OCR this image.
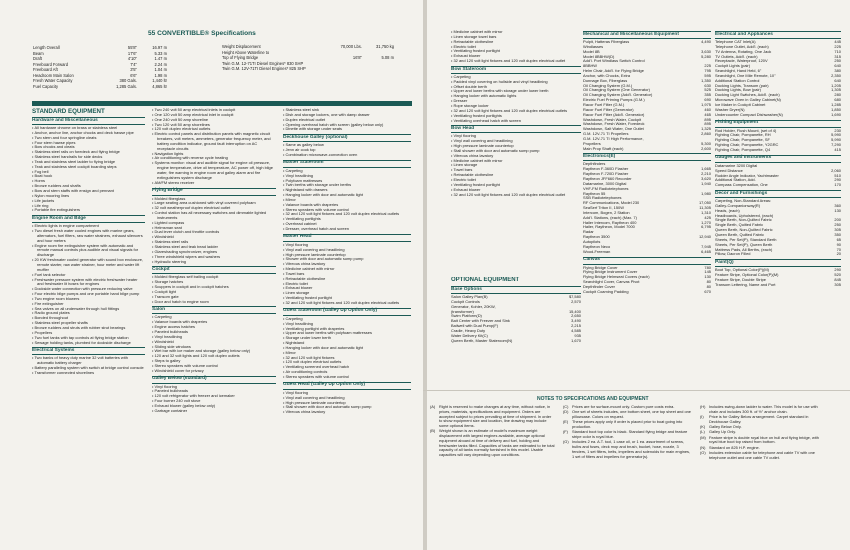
55 CONVERTIBLE® Specifications
Length Overall	55'8"	16.97 m
Beam	17'6"	5.33 m
Draft	4'10"	1.47 m
Freeboard Forward	7'4"	2.24 m
Freeboard Aft	3'5"	1.04 m
Headroom Main Salon	6'6"	1.98 m
Fresh Water Capacity	380 Gals.	1,440 ltr
Fuel Capacity	1,285 Gals.	4,865 ltr
Weight Displacement	70,000 Lbs.	31,750 kg
Height Above Waterline to
Top of Flying Bridge	16'8"	5.08 m
Twin G.M. 12-71TI Diesel Engines* 830 SHP
Twin G.M. 12V-71TI Diesel Engines* 825 SHP
STANDARD EQUIPMENT
Hardware and Miscellaneous
• All hardware chrome on brass or stainless steel
• Anchor, anchor line, anchor chocks and deck hawse pipe
• Two stern and four springline cleats
• Four stern hawse pipes
• Bow chocks and cleats
• Stainless steel rails on foredeck and flying bridge
• Stainless steel handrails for side decks
• Teak and stainless steel ladder to flying bridge
• Teak and stainless steel cockpit boarding steps
• Fog bell
• Boat hook
• Horns
• Bronze rudders and shafts
• Bow and stern staffs with ensign and pennant
• Nylon mooring lines
• Life jackets
• Life ring
• Portable fire extinguishers
Engine Room and Bilge
• Electric lights in engine compartment
• Two diesel fresh water cooled engines with marine gears, alternators, fuel filters, raw water strainers, exhaust silencers and hour meters
• Engine room fire extinguisher system with automatic and remote manual controls plus audible and visual signals for discharge
• 20 KW freshwater cooled generator with sound box enclosure, remote starter, raw water strainer, hour meter and water lift muffler
• Fuel tank selector
• Freshwater pressure system with electric freshwater heater and freshwater lit hoses for engines
• Dockside water connection with pressure reducing valve
• Four electric bilge pumps and one portable hand bilge pump
• Two engine room blowers
• Fire extinguisher
• Sea valves on all underwater through hull fittings
• Radio ground plates
• Bonded throughout
• Stainless steel propeller shafts
• Bronze rudders and struts with rubber strut bearings
• Propellers
• Two fuel tanks with tap controls at flying bridge station
• Sewage holding tanks, plumbed for dockside discharge
Electrical Systems
• Two banks of heavy duty marine 32 volt batteries with automatic battery charger
• Battery paralleling system with switch at bridge control console
• Transformer connected shorelines
• Two 240 volt 50 amp electrical inlets in cockpit
• One 120 volt 50 amp electrical inlet in cockpit
• One 240 volt 50 amp shoreline
• Two 120 volt 50 amp shorelines
• 120 volt duplex electrical outlets
• Electric control panels and distribution panels with magnetic circuit breakers, volt meters, ammeters, generator frequency meter, and battery condition indicator, ground fault interruption on AC receptacle circuits
• Navigation lights
• Air conditioning with reverse cycle heating
• Systems monitor: visual and audible signal for engine oil pressure, engine temperature, drive oil temperature, AC power off, high bilge water, fire warning in engine room and galley alarm and fire extinguishers system discharge
• AM/FM stereo receiver
Flying Bridge
• Molded fiberglass
• Large seating area cushioned with vinyl covered polyfoam
• 32 volt weatherproof duplex electrical outlet
• Control station has all necessary switches and dimmable lighted instruments
• Lighted compass
• Helmsman seat
• Dual lever clutch and throttle controls
• Windshield
• Stainless steel rails
• Stainless steel and teak bead ladder
• Glareshading synchronizer, engines
• Three windshield wipers and washers
• Hydraulic steering
Cockpit
• Molded fiberglass self bailing cockpit
• Storage hatches
• Scuppers in cockpit and in cockpit hatches
• Cockpit light
• Transom gate
• Door and hatch to engine room
Salon
• Carpeting
• Valance boards with draperies
• Engine access hatches
• Paneled bulkheads
• Vinyl headlining
• Windshield
• Sliding side windows
• Wet bar with ice maker and storage (galley below only)
• 120 and 32 volt lights and 120 volt duplex outlets
• Steps to galley
• Stereo speakers with volume control
• Windshield cover for privacy
Galley Below (standard)
• Vinyl flooring
• Paneled bulkheads
• 120 volt refrigerator with freezer and icemaker
• Four burner 240 volt stove
• Exhaust blower (galley below only)
• Garbage container
• Stainless steel sink
• Dish and storage lockers, one with damp drawer
• Duplex electrical outlet
• Opening overhead hatch with screen (galley below only)
• Dinette with storage under seats
Deckhouse Galley (optional)
• Same as galley below
• Jenn air cook top
• Combination microwave-convection oven
Master Stateroom
• Carpeting
• Vinyl headlining
• Polyfoam mattresses
• Twin berths with storage under berths
• Nightstand with drawers
• Hanging locker with door and automatic light
• Mirror
• Valance boards with draperies
• Stereo speakers with volume control
• 32 and 120 volt light fixtures and 120 volt duplex electrical outlets
• Ventilating portlights
• Overhead cabinet
• Dresser, overhead hatch and screen
Master Head
• Vinyl flooring
• Vinyl wall covering and headlining
• High pressure laminate countertop
• Shower with door and automatic sump pump
• Vitreous china lavatory
• Medicine cabinet with mirror
• Towel bars
• Retractable clothesline
• Electric toilet
• Exhaust blower
• Linen storage
• Ventilating frosted portlight
• 32 and 120 volt light fixtures and 120 volt duplex electrical outlets
Guest Stateroom (Galley Up Option Only)
• Carpeting
• Vinyl headlining
• Ventilating portlight with draperies
• Upper and lower berths with polyfoam mattresses
• Storage under lower berth
• Nightstand
• Hanging locker with door and automatic light
• Mirror
• 32 and 120 volt light fixtures
• 120 volt duplex electrical outlets
• Ventilating screened overhead hatch
• Air conditioning controls
• Stereo speakers with volume control
Guest Head (Galley Up Option Only)
• Vinyl flooring
• Vinyl wall covering and headlining
• High pressure laminate countertop
• Stall shower with door and automatic sump pump
• Vitreous china lavatory
• Medicine cabinet with mirror
• Linen storage towel bars
• Retractable clothesline
• Electric toilet
• Ventilating frosted portlight
• Exhaust blower
• 32 and 120 volt light fixtures and 120 volt duplex electrical outlet
Bow Stateroom
• Carpeting
• Padded vinyl covering on hullside and vinyl headlining
• Offset double berth
• Upper and lower berths with storage under lower berth
• Hanging locker with automatic lights
• Dresser
• Rope storage locker
• 32 and 120 volt light fixtures and 120 volt duplex electrical outlets
• Ventilating frosted portlights
• Ventilating overhead hatch with screen
Bow Head
• Vinyl flooring
• Vinyl wall covering and headlining
• High pressure laminate countertop
• Stall shower with door and automatic sump pump
• Vitreous china lavatory
• Medicine cabinet with mirror
• Linen storage
• Towel bars
• Retractable clothesline
• Electric toilet
• Ventilating frosted portlight
• Exhaust blower
• 32 and 120 volt light fixtures and 120 volt duplex electrical outlet
OPTIONAL EQUIPMENT
Base Options
Salon Galley Plan(B)	$7,580
Cockpit Controls	2,570
Generator, Kohler, 20KW,
(transformer)	15,400
Swim Platform(D)	2,650
Bait Center with Freezer and Sink	3,490
Bailwell with Dual Pump(F)	2,215
Cradle, Heavy Duty	4,585
Water Delivery Kit(C)	935
Queen Berth, Master Stateroom(N)	1,670
Mechanical and Miscellaneous Equipment
Pulpit, Hatteras Fiberglass	4,490
Windlasses
Model 8B	3,630
Model 8BBHW(D)	5,280
Add'l. Port Windlass Switch Control
8BBHW	225
Helm Chair, Add'l. for Flying Bridge	795
Anchor, with Chocks, Extra	595
Dunnage Box, Fiberglass	1,350
Oil Changing System (G.M.)	630
Oil Changing System (One Generator)	525
Oil Changing System (Add'l. Generator)	355
Electric Fuel Priming Pumps (G.M.)	690
Racor Fuel Filter (G.M.)	1,975
Racor Fuel Filter (Generator)	460
Racor Fuel Filter (Add'l. Generator)	465
Washdown, Fresh Water, Cockpit	895
Washdown, Fresh Water, Foredeck	895
Washdown, Salt Water, One Outlet	1,325
G.M. 12V-71 TI Propellers	2,860
G.M. 12V-71 TI High Performance,
Propellers	5,300
Main Prop Shaft (each)	2,600
Electronics(E)
Depthfinders
Raytheon F-360D Flasher	1,665
Raytheon F-720D Flasher	2,210
Raytheon JFF660 Recorder	3,620
Datamarine, 3000 Digital	1,940
VHF-FM Radiotelephones
Raytheon 55	1,980
SSB Radiotelephones
RF Communications, Model 230	17,050
SeaSerf Triton II, 150W	11,305
Intercom, Bogen, 2 Station	1,310
Add'l. Stations, (each) (Max. 7)	425
Hailer Intercom, Raytheon 400	1,270
Hailer, Raytheon, Model 7000	6,795
Radar
Raytheon 3500	12,940
Autopilots
Raytheon Neco	7,945
Wood-Freeman	6,465
Canvas
Flying Bridge Cover	780
Flying Bridge Instrument Cover	145
Flying Bridge Helmseat Covers (each)	130
Searchlight Cover, Canvas Pivot	80
Depthfinder Cover	80
Cockpit Coaming Padding	670
Electrical and Appliances
Telephone CAT Inlet(A)	445
Telephone Outlet, Add'l. (each)	225
TV Antenna, Rotating, One Jack	710
TV Outlets, Add'l. (each)	315
Receptacle, Waterproof, 120V	250
Cockpit Lights (pair)	640
Searchlight, Hand Held, 6"	380
Searchlight, One Mile Remote, 10"	2,350
Additional Station Control	640
Docking Lights, Transom (pair)	1,205
Docking Lights, Bow (pair)	1,305
Docking Light Switches, Add'l. (each)	280
Microwave Oven in Galley Cabinet(N)	680
Ice Maker in Cockpit Cabinet	1,285
Washer Dryer(N)	1,850
Undercounter Compact Dishwasher(N)	1,690
Fishing Equipment
Rod Holder, Flush Mount, (set of 4)	230
Fighting Chair, Pompanette, RH	5,990
Fighting Chair, Pompanette, SF	5,990
Fighting Chair, Pompanette, Y2GRC	7,290
Fighting Chair, Pompanette, Q4	415
Gauges and Instruments
Datamarine 3200 Digital
Speed Distance	2,060
Rudder Angle Indicator, Yachtmaster	510
Additional Station, Add.	290
Compass Compensation, One	170
Decor and Furnishings
Carpeting, Non-Standard Areas:
Galley-Companionway(R)	360
Heads, (each)	130
Headboards, Upholstered, (each)
Single Berth, Non-Quilted Fabric	200
Single Berth, Quilted Fabric	250
Queen Berth, Non-Quilted Fabric	305
Queen Berth, Quilted Fabric	350
Sheets, Per Set(P), Standard Berth	65
Sheets, Per Set(P), Queen Berth	90
Mattress Pads, All Berths, (each)	70
Pillow, Dacron Filled	20
Paint(Q)
Boot Top, Optional Color(P)(M)	290
Feature Stripe, Optional Color(P)(M)	520
Feature Stripe, Double Stripe	845
Transom Lettering, Name and Port	305
NOTES TO SPECIFICATIONS AND EQUIPMENT
(A) Right is reserved to make changes at any time, without notice, in prices, materials, specifications and equipment. Orders are accepted subject to prices prevailing at time of shipment. In order to show equipment size and location, line drawing may include some optional items.
(B) Weight shown is an estimate of model's maximum weight displacement with largest engines available, average optional equipment aboard at time of delivery and fuel, holding and freshwater tanks filled. Capacities of tanks are estimated to be total capacity of all tanks normally furnished in this model. Usable capacities will vary depending upon conditions.
(C) Prices are for surface-mount only. Custom pure costs extra.
(D) One set of sheets includes, one bottom sheet, one top sheet and one pillowcase. Colors on request.
(E) These prices apply only if order is placed prior to boat going into production.
(F)	Standard boot top color is black. Standard flying bridge and feature stripe color is royal blue.
(G) Includes 2 ea. A.T. tool, 1 case oil, or 1 ea. assortment of screws, bulbs and fuses, deck mop and brush, bucket, hose, nozzle, 3 fenders, 1 set filters, belts, impellers and solenoids for main engines, 1 set of filters and impellers for generator(s).
(H) Includes swing-down ladder to water. This model is for use with chain and includes 300 ft. of ½" anchor chain.
(I)	Price is for Galley Below arrangement. Carpet standard in Deckhouse Galley.
(K) Galley Below Only.
(L)	Galley Up Only.
(M) Feature stripe is double royal blue on hull and flying bridge, with royal blue boot top raised from bottom.
(N) Standard on 825 H.P. engine.
(O) Includes extension cable for telephone and cable TV with one telephone outlet and one cable TV outlet.
